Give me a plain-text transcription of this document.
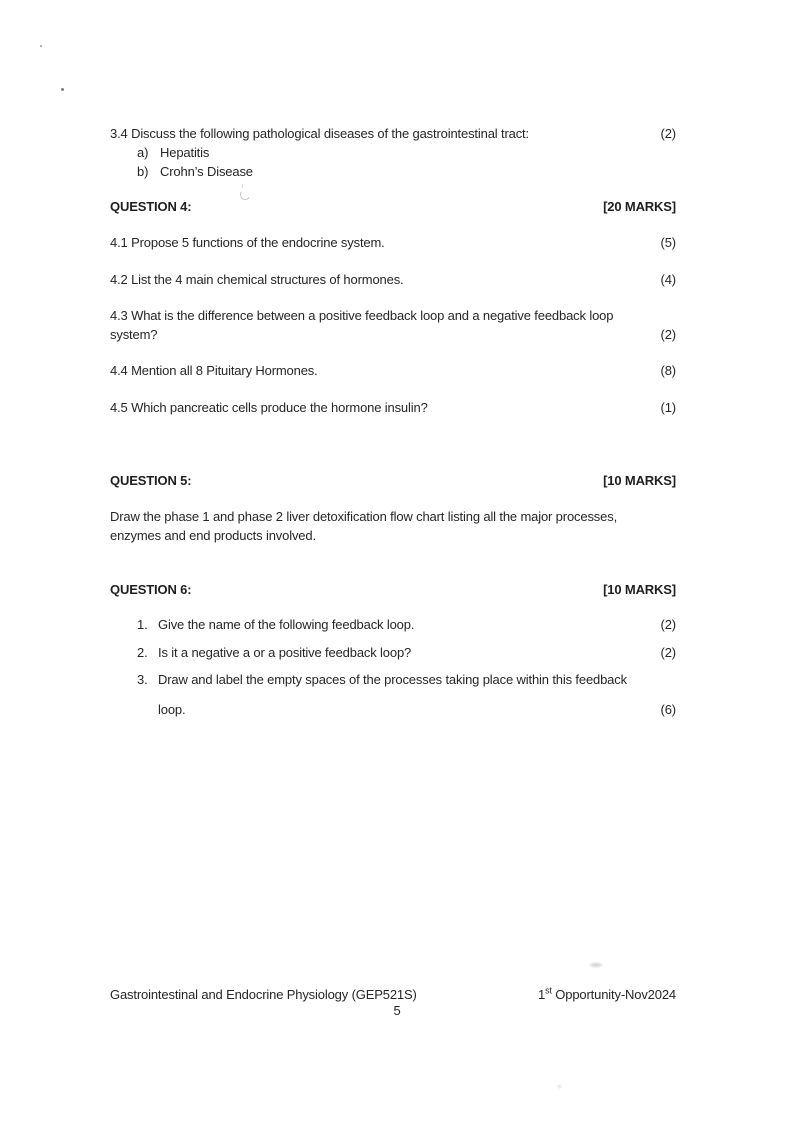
3.4 Discuss the following pathological diseases of the gastrointestinal tract:	(2)
a) Hepatitis
b) Crohn’s Disease
QUESTION 4:	[20 MARKS]
4.1 Propose 5 functions of the endocrine system.	(5)
4.2 List the 4 main chemical structures of hormones.	(4)
4.3 What is the difference between a positive feedback loop and a negative feedback loop
system?	(2)
4.4 Mention all 8 Pituitary Hormones.	(8)
4.5 Which pancreatic cells produce the hormone insulin?	(1)
QUESTION 5:	[10 MARKS]
Draw the phase 1 and phase 2 liver detoxification flow chart listing all the major processes,
enzymes and end products involved.
QUESTION 6:	[10 MARKS]
1. Give the name of the following feedback loop.	(2)
2. Is it a negative a or a positive feedback loop?	(2)
3. Draw and label the empty spaces of the processes taking place within this feedback
loop.	(6)
Gastrointestinal and Endocrine Physiology (GEP521S)	1st Opportunity-Nov2024
5
